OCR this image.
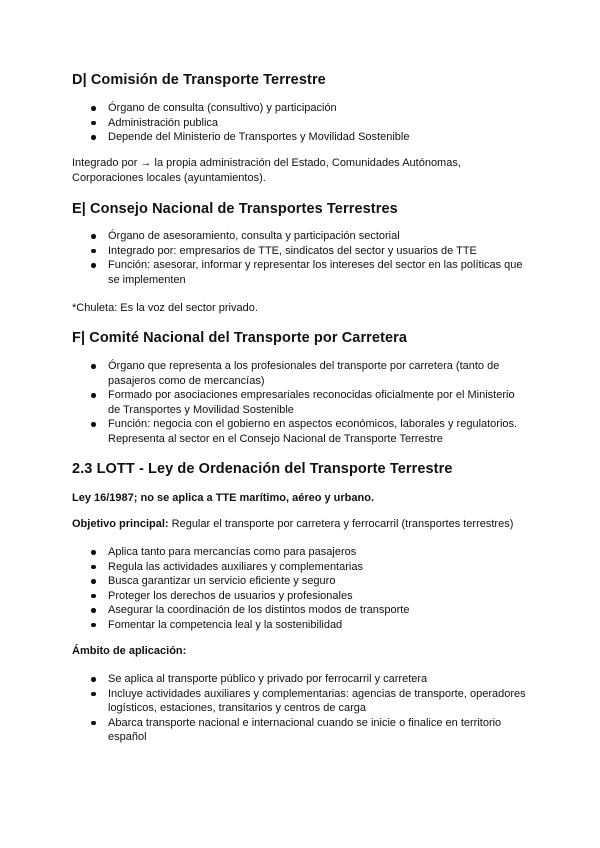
D| Comisión de Transporte Terrestre
Órgano de consulta (consultivo) y participación
Administración publica
Depende del Ministerio de Transportes y Movilidad Sostenible

Integrado por → la propia administración del Estado, Comunidades Autónomas, Corporaciones locales (ayuntamientos).

E| Consejo Nacional de Transportes Terrestres
Órgano de asesoramiento, consulta y participación sectorial
Integrado por: empresarios de TTE, sindicatos del sector y usuarios de TTE
Función: asesorar, informar y representar los intereses del sector en las políticas que se implementen

*Chuleta: Es la voz del sector privado.

F| Comité Nacional del Transporte por Carretera
Órgano que representa a los profesionales del transporte por carretera (tanto de pasajeros como de mercancías)
Formado por asociaciones empresariales reconocidas oficialmente por el Ministerio de Transportes y Movilidad Sostenible
Función: negocia con el gobierno en aspectos económicos, laborales y regulatorios. Representa al sector en el Consejo Nacional de Transporte Terrestre
2.3 LOTT - Ley de Ordenación del Transporte Terrestre

Ley 16/1987; no se aplica a TTE marítimo, aéreo y urbano.

Objetivo principal: Regular el transporte por carretera y ferrocarril (transportes terrestres)

Aplica tanto para mercancías como para pasajeros
Regula las actividades auxiliares y complementarias
Busca garantizar un servicio eficiente y seguro
Proteger los derechos de usuarios y profesionales
Asegurar la coordinación de los distintos modos de transporte
Fomentar la competencia leal y la sostenibilidad

Ámbito de aplicación:

Se aplica al transporte público y privado por ferrocarril y carretera
Incluye actividades auxiliares y complementarias: agencias de transporte, operadores logísticos, estaciones, transitarios y centros de carga
Abarca transporte nacional e internacional cuando se inicie o finalice en territorio español
